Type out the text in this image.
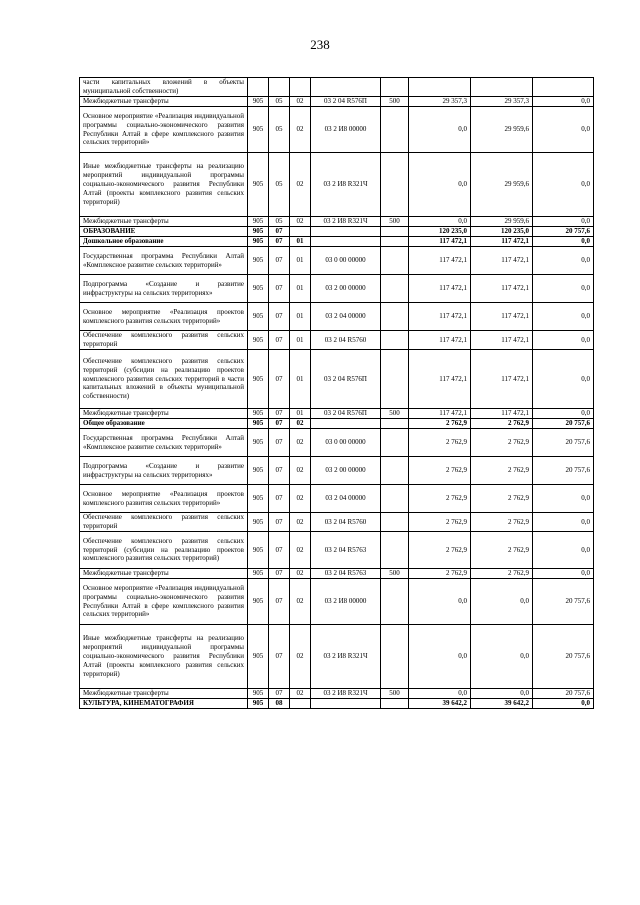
238
части капитальных вложений в объекты муниципальной собственности)								
Межбюджетные трансферты	905	05	02	03 2 04 R576П	500	29 357,3	29 357,3	0,0
Основное мероприятие «Реализация индивидуальной программы социально-экономического развития Республики Алтай в сфере комплексного развития сельских территорий»	905	05	02	03 2 И8 00000		0,0	29 959,6	0,0
Иные межбюджетные трансферты на реализацию мероприятий индивидуальной программы социально-экономического развития Республики Алтай (проекты комплексного развития сельских территорий)	905	05	02	03 2 И8 R321Ч		0,0	29 959,6	0,0
Межбюджетные трансферты	905	05	02	03 2 И8 R321Ч	500	0,0	29 959,6	0,0
ОБРАЗОВАНИЕ	905	07				120 235,0	120 235,0	20 757,6
Дошкольное образование	905	07	01			117 472,1	117 472,1	0,0
Государственная программа Республики Алтай «Комплексное развитие сельских территорий»	905	07	01	03 0 00 00000		117 472,1	117 472,1	0,0
Подпрограмма «Создание и развитие инфраструктуры на сельских территориях»	905	07	01	03 2 00 00000		117 472,1	117 472,1	0,0
Основное мероприятие «Реализация проектов комплексного развития сельских территорий»	905	07	01	03 2 04 00000		117 472,1	117 472,1	0,0
Обеспечение комплексного развития сельских территорий	905	07	01	03 2 04 R5760		117 472,1	117 472,1	0,0
Обеспечение комплексного развития сельских территорий (субсидии на реализацию проектов комплексного развития сельских территорий в части капитальных вложений в объекты муниципальной собственности)	905	07	01	03 2 04 R576П		117 472,1	117 472,1	0,0
Межбюджетные трансферты	905	07	01	03 2 04 R576П	500	117 472,1	117 472,1	0,0
Общее образование	905	07	02			2 762,9	2 762,9	20 757,6
Государственная программа Республики Алтай «Комплексное развитие сельских территорий»	905	07	02	03 0 00 00000		2 762,9	2 762,9	20 757,6
Подпрограмма «Создание и развитие инфраструктуры на сельских территориях»	905	07	02	03 2 00 00000		2 762,9	2 762,9	20 757,6
Основное мероприятие «Реализация проектов комплексного развития сельских территорий»	905	07	02	03 2 04 00000		2 762,9	2 762,9	0,0
Обеспечение комплексного развития сельских территорий	905	07	02	03 2 04 R5760		2 762,9	2 762,9	0,0
Обеспечение комплексного развития сельских территорий (субсидии на реализацию проектов комплексного развития сельских территорий)	905	07	02	03 2 04 R5763		2 762,9	2 762,9	0,0
Межбюджетные трансферты	905	07	02	03 2 04 R5763	500	2 762,9	2 762,9	0,0
Основное мероприятие «Реализация индивидуальной программы социально-экономического развития Республики Алтай в сфере комплексного развития сельских территорий»	905	07	02	03 2 И8 00000		0,0	0,0	20 757,6
Иные межбюджетные трансферты на реализацию мероприятий индивидуальной программы социально-экономического развития Республики Алтай (проекты комплексного развития сельских территорий)	905	07	02	03 2 И8 R321Ч		0,0	0,0	20 757,6
Межбюджетные трансферты	905	07	02	03 2 И8 R321Ч	500	0,0	0,0	20 757,6
КУЛЬТУРА, КИНЕМАТОГРАФИЯ	905	08				39 642,2	39 642,2	0,0
